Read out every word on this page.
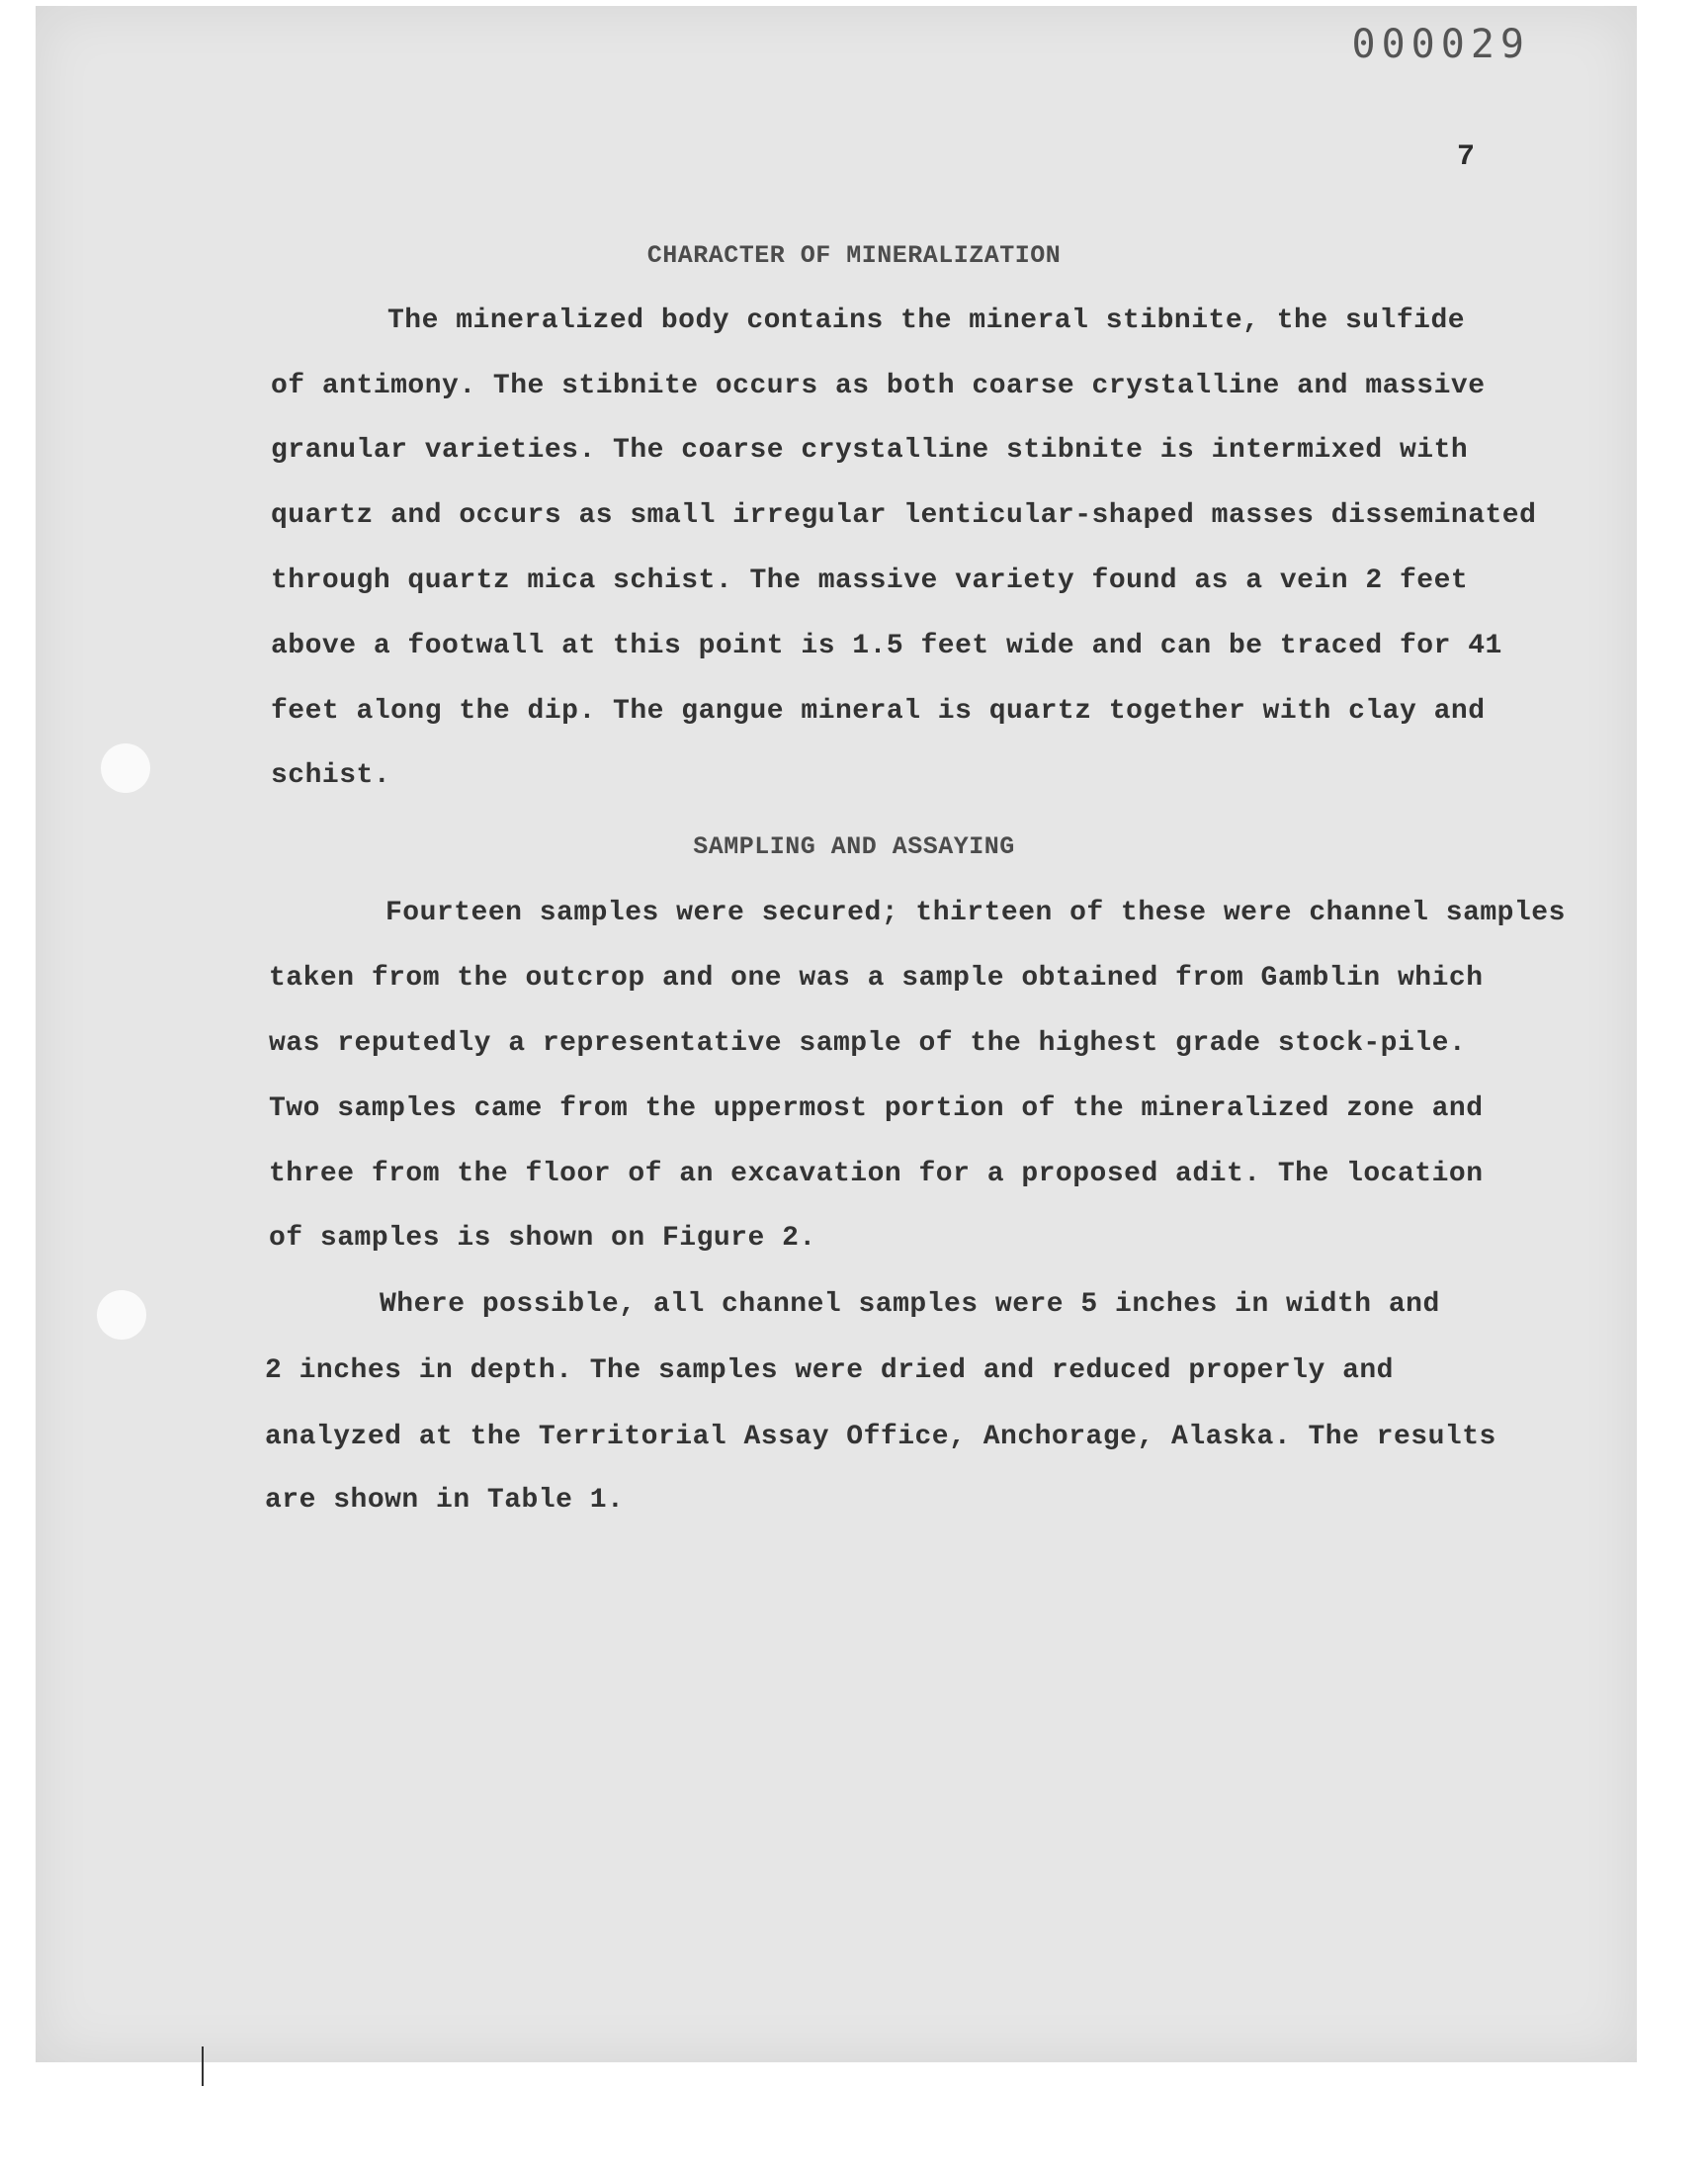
000029
7
CHARACTER OF MINERALIZATION
The mineralized body contains the mineral stibnite, the sulfide
of antimony. The stibnite occurs as both coarse crystalline and massive
granular varieties. The coarse crystalline stibnite is intermixed with
quartz and occurs as small irregular lenticular-shaped masses disseminated
through quartz mica schist. The massive variety found as a vein 2 feet
above a footwall at this point is 1.5 feet wide and can be traced for 41
feet along the dip. The gangue mineral is quartz together with clay and
schist.
SAMPLING AND ASSAYING
Fourteen samples were secured; thirteen of these were channel samples
taken from the outcrop and one was a sample obtained from Gamblin which
was reputedly a representative sample of the highest grade stock-pile.
Two samples came from the uppermost portion of the mineralized zone and
three from the floor of an excavation for a proposed adit. The location
of samples is shown on Figure 2.
Where possible, all channel samples were 5 inches in width and
2 inches in depth. The samples were dried and reduced properly and
analyzed at the Territorial Assay Office, Anchorage, Alaska. The results
are shown in Table 1.
